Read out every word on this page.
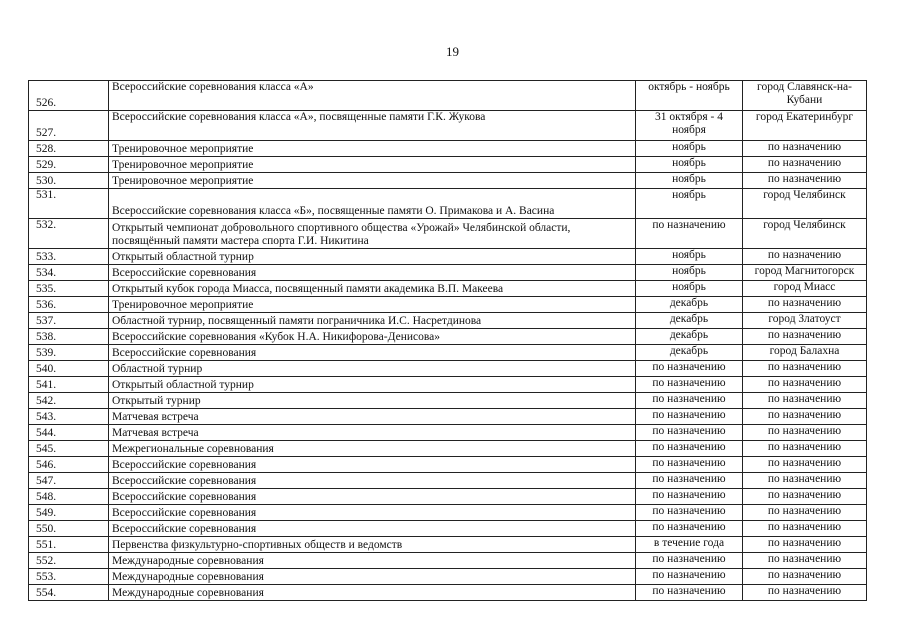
19
526.	Всероссийские соревнования класса «А»	октябрь - ноябрь	город Славянск-на-Кубани
527.	Всероссийские соревнования класса «А», посвященные памяти Г.К. Жукова	31 октября - 4 ноября	город Екатеринбург
528.	Тренировочное мероприятие	ноябрь	по назначению
529.	Тренировочное мероприятие	ноябрь	по назначению
530.	Тренировочное мероприятие	ноябрь	по назначению
531.	Всероссийские соревнования класса «Б», посвященные памяти О. Примакова и А. Васина	ноябрь	город Челябинск
532.	Открытый чемпионат добровольного спортивного общества «Урожай» Челябинской области, посвящённый памяти мастера спорта Г.И. Никитина	по назначению	город Челябинск
533.	Открытый областной турнир	ноябрь	по назначению
534.	Всероссийские соревнования	ноябрь	город Магнитогорск
535.	Открытый кубок города Миасса, посвященный памяти академика В.П. Макеева	ноябрь	город Миасс
536.	Тренировочное мероприятие	декабрь	по назначению
537.	Областной турнир, посвященный памяти пограничника И.С. Насретдинова	декабрь	город Златоуст
538.	Всероссийские соревнования «Кубок Н.А. Никифорова-Денисова»	декабрь	по назначению
539.	Всероссийские соревнования	декабрь	город Балахна
540.	Областной турнир	по назначению	по назначению
541.	Открытый областной турнир	по назначению	по назначению
542.	Открытый турнир	по назначению	по назначению
543.	Матчевая встреча	по назначению	по назначению
544.	Матчевая встреча	по назначению	по назначению
545.	Межрегиональные соревнования	по назначению	по назначению
546.	Всероссийские соревнования	по назначению	по назначению
547.	Всероссийские соревнования	по назначению	по назначению
548.	Всероссийские соревнования	по назначению	по назначению
549.	Всероссийские соревнования	по назначению	по назначению
550.	Всероссийские соревнования	по назначению	по назначению
551.	Первенства физкультурно-спортивных обществ и ведомств	в течение года	по назначению
552.	Международные соревнования	по назначению	по назначению
553.	Международные соревнования	по назначению	по назначению
554.	Международные соревнования	по назначению	по назначению
